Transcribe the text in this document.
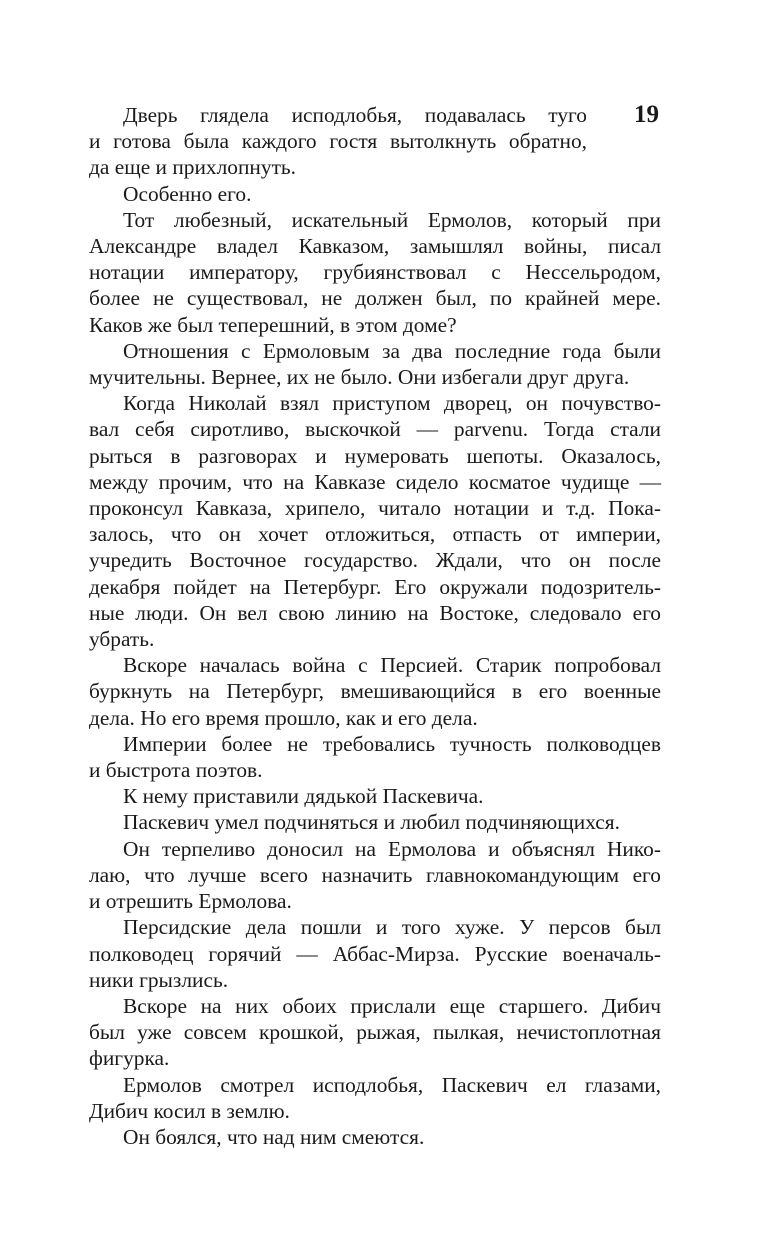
19

Дверь глядела исподлобья, подавалась туго
и готова была каждого гостя вытолкнуть обратно,
да еще и прихлопнуть.

Особенно его.

Тот любезный, искательный Ермолов, который при
Александре владел Кавказом, замышлял войны, писал
нотации императору, грубиянствовал с Нессельродом,
более не существовал, не должен был, по крайней мере.
Каков же был теперешний, в этом доме?

Отношения с Ермоловым за два последние года были
мучительны. Вернее, их не было. Они избегали друг друга.

Когда Николай взял приступом дворец, он почувство-
вал себя сиротливо, выскочкой — parvenu. Тогда стали
рыться в разговорах и нумеровать шепоты. Оказалось,
между прочим, что на Кавказе сидело косматое чудище —
проконсул Кавказа, хрипело, читало нотации и т.д. Пока-
залось, что он хочет отложиться, отпасть от империи,
учредить Восточное государство. Ждали, что он после
декабря пойдет на Петербург. Его окружали подозритель-
ные люди. Он вел свою линию на Востоке, следовало его
убрать.

Вскоре началась война с Персией. Старик попробовал
буркнуть на Петербург, вмешивающийся в его военные
дела. Но его время прошло, как и его дела.

Империи более не требовались тучность полководцев
и быстрота поэтов.

К нему приставили дядькой Паскевича.

Паскевич умел подчиняться и любил подчиняющихся.

Он терпеливо доносил на Ермолова и объяснял Нико-
лаю, что лучше всего назначить главнокомандующим его
и отрешить Ермолова.

Персидские дела пошли и того хуже. У персов был
полководец горячий — Аббас-Мирза. Русские военачаль-
ники грызлись.

Вскоре на них обоих прислали еще старшего. Дибич
был уже совсем крошкой, рыжая, пылкая, нечистоплотная
фигурка.

Ермолов смотрел исподлобья, Паскевич ел глазами,
Дибич косил в землю.

Он боялся, что над ним смеются.
